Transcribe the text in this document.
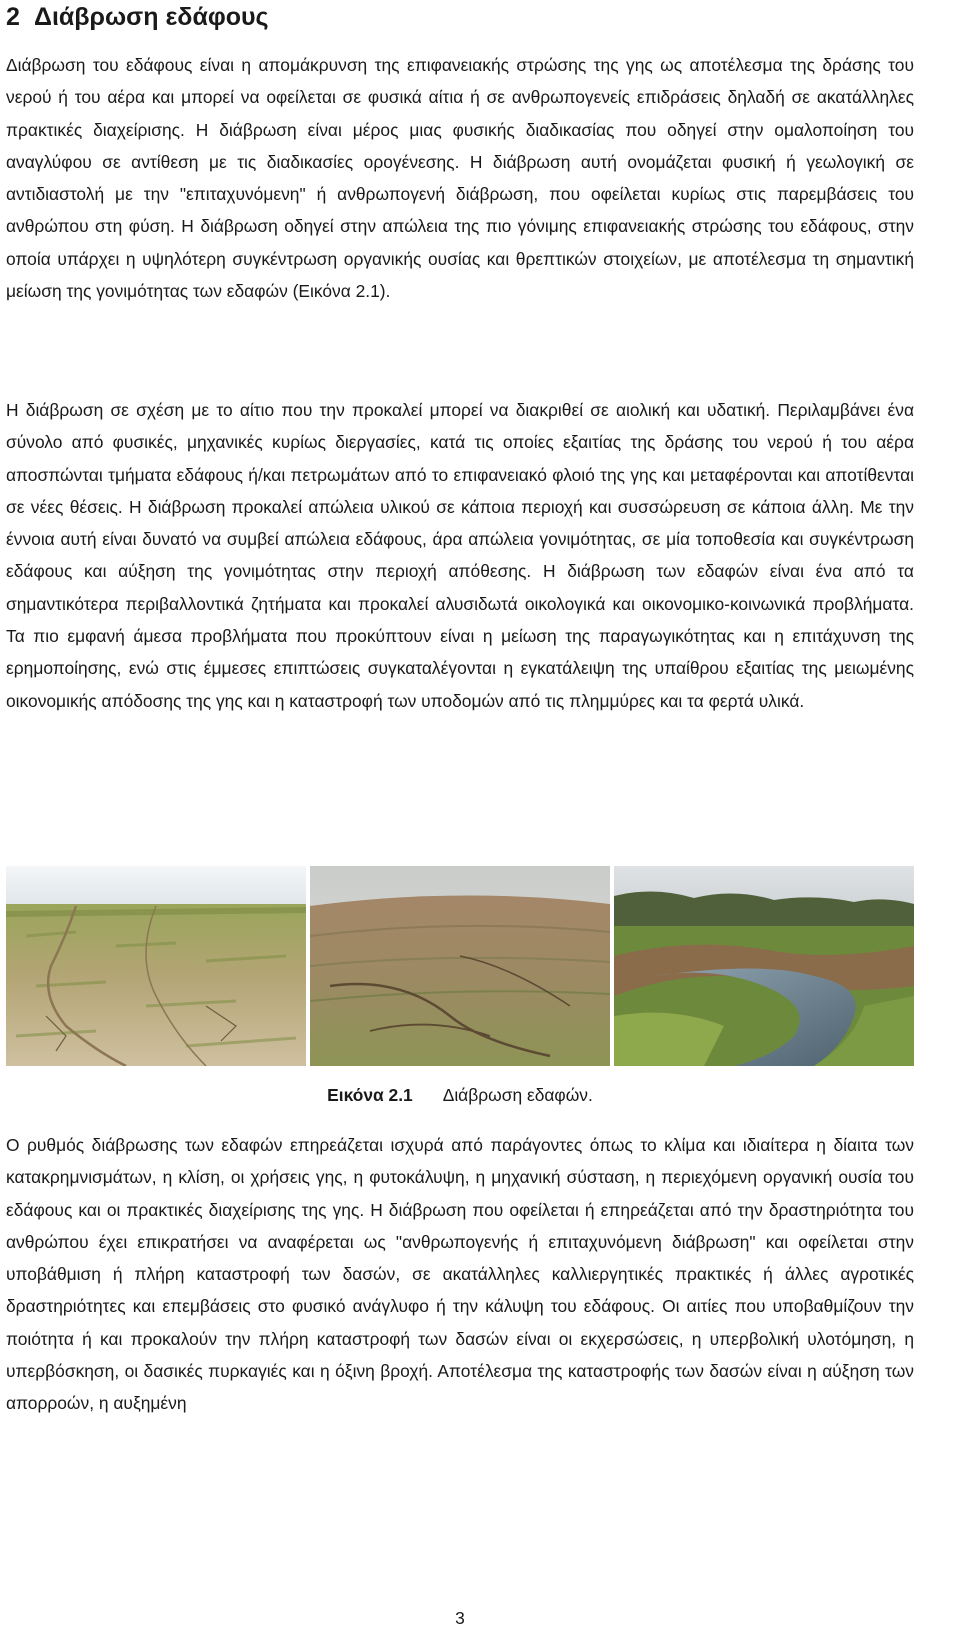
2 Διάβρωση εδάφους

Διάβρωση του εδάφους είναι η απομάκρυνση της επιφανειακής στρώσης της γης ως αποτέλεσμα της δράσης του νερού ή του αέρα και μπορεί να οφείλεται σε φυσικά αίτια ή σε ανθρωπογενείς επιδράσεις δηλαδή σε ακατάλληλες πρακτικές διαχείρισης. Η διάβρωση είναι μέρος μιας φυσικής διαδικασίας που οδηγεί στην ομαλοποίηση του αναγλύφου σε αντίθεση με τις διαδικασίες ορογένεσης. Η διάβρωση αυτή ονομάζεται φυσική ή γεωλογική σε αντιδιαστολή με την "επιταχυνόμενη" ή ανθρωπογενή διάβρωση, που οφείλεται κυρίως στις παρεμβάσεις του ανθρώπου στη φύση. Η διάβρωση οδηγεί στην απώλεια της πιο γόνιμης επιφανειακής στρώσης του εδάφους, στην οποία υπάρχει η υψηλότερη συγκέντρωση οργανικής ουσίας και θρεπτικών στοιχείων, με αποτέλεσμα τη σημαντική μείωση της γονιμότητας των εδαφών (Εικόνα 2.1).

Η διάβρωση σε σχέση με το αίτιο που την προκαλεί μπορεί να διακριθεί σε αιολική και υδατική. Περιλαμβάνει ένα σύνολο από φυσικές, μηχανικές κυρίως διεργασίες, κατά τις οποίες εξαιτίας της δράσης του νερού ή του αέρα αποσπώνται τμήματα εδάφους ή/και πετρωμάτων από το επιφανειακό φλοιό της γης και μεταφέρονται και αποτίθενται σε νέες θέσεις. Η διάβρωση προκαλεί απώλεια υλικού σε κάποια περιοχή και συσσώρευση σε κάποια άλλη. Με την έννοια αυτή είναι δυνατό να συμβεί απώλεια εδάφους, άρα απώλεια γονιμότητας, σε μία τοποθεσία και συγκέντρωση εδάφους και αύξηση της γονιμότητας στην περιοχή απόθεσης. Η διάβρωση των εδαφών είναι ένα από τα σημαντικότερα περιβαλλοντικά ζητήματα και προκαλεί αλυσιδωτά οικολογικά και οικονομικο-κοινωνικά προβλήματα. Τα πιο εμφανή άμεσα προβλήματα που προκύπτουν είναι η μείωση της παραγωγικότητας και η επιτάχυνση της ερημοποίησης, ενώ στις έμμεσες επιπτώσεις συγκαταλέγονται η εγκατάλειψη της υπαίθρου εξαιτίας της μειωμένης οικονομικής απόδοσης της γης και η καταστροφή των υποδομών από τις πλημμύρες και τα φερτά υλικά.

Εικόνα 2.1 Διάβρωση εδαφών.

Ο ρυθμός διάβρωσης των εδαφών επηρεάζεται ισχυρά από παράγοντες όπως το κλίμα και ιδιαίτερα η δίαιτα των κατακρημνισμάτων, η κλίση, οι χρήσεις γης, η φυτοκάλυψη, η μηχανική σύσταση, η περιεχόμενη οργανική ουσία του εδάφους και οι πρακτικές διαχείρισης της γης. Η διάβρωση που οφείλεται ή επηρεάζεται από την δραστηριότητα του ανθρώπου έχει επικρατήσει να αναφέρεται ως "ανθρωπογενής ή επιταχυνόμενη διάβρωση" και οφείλεται στην υποβάθμιση ή πλήρη καταστροφή των δασών, σε ακατάλληλες καλλιεργητικές πρακτικές ή άλλες αγροτικές δραστηριότητες και επεμβάσεις στο φυσικό ανάγλυφο ή την κάλυψη του εδάφους. Οι αιτίες που υποβαθμίζουν την ποιότητα ή και προκαλούν την πλήρη καταστροφή των δασών είναι οι εκχερσώσεις, η υπερβολική υλοτόμηση, η υπερβόσκηση, οι δασικές πυρκαγιές και η όξινη βροχή. Αποτέλεσμα της καταστροφής των δασών είναι η αύξηση των απορροών, η αυξημένη

3
